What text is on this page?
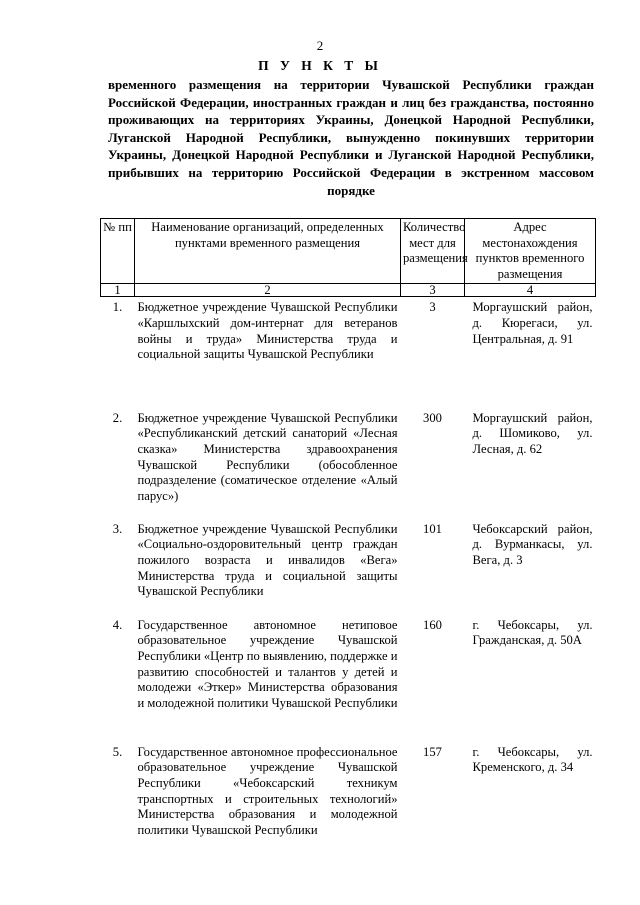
2
П У Н К Т Ы
временного размещения на территории Чувашской Республики граждан Российской Федерации, иностранных граждан и лиц без гражданства, постоянно проживающих на территориях Украины, Донецкой Народной Республики, Луганской Народной Республики, вынужденно покинувших территории Украины, Донецкой Народной Республики и Луганской Народной Республики, прибывших на территорию Российской Федерации в экстренном массовом порядке
№ пп	Наименование организаций, определенных пунктами временного размещения	Количество мест для размещения	Адрес местонахождения пунктов временного размещения
1	2	3	4
1.	Бюджетное учреждение Чувашской Республики «Каршлыхский дом-интернат для ветеранов войны и труда» Министерства труда и социальной защиты Чувашской Республики	3	Моргаушский район, д. Кюрегаси, ул. Центральная, д. 91
2.	Бюджетное учреждение Чувашской Республики «Республиканский детский санаторий «Лесная сказка» Министерства здравоохранения Чувашской Республики (обособленное подразделение (соматическое отделение «Алый парус»)	300	Моргаушский район, д. Шомиково, ул. Лесная, д. 62
3.	Бюджетное учреждение Чувашской Республики «Социально-оздоровительный центр граждан пожилого возраста и инвалидов «Вега» Министерства труда и социальной защиты Чувашской Республики	101	Чебоксарский район, д. Вурманкасы, ул. Вега, д. 3
4.	Государственное автономное нетиповое образовательное учреждение Чувашской Республики «Центр по выявлению, поддержке и развитию способностей и талантов у детей и молодежи «Эткер» Министерства образования и молодежной политики Чувашской Республики	160	г. Чебоксары, ул. Гражданская, д. 50А
5.	Государственное автономное профессиональное образовательное учреждение Чувашской Республики «Чебоксарский техникум транспортных и строительных технологий» Министерства образования и молодежной политики Чувашской Республики	157	г. Чебоксары, ул. Кременского, д. 34
